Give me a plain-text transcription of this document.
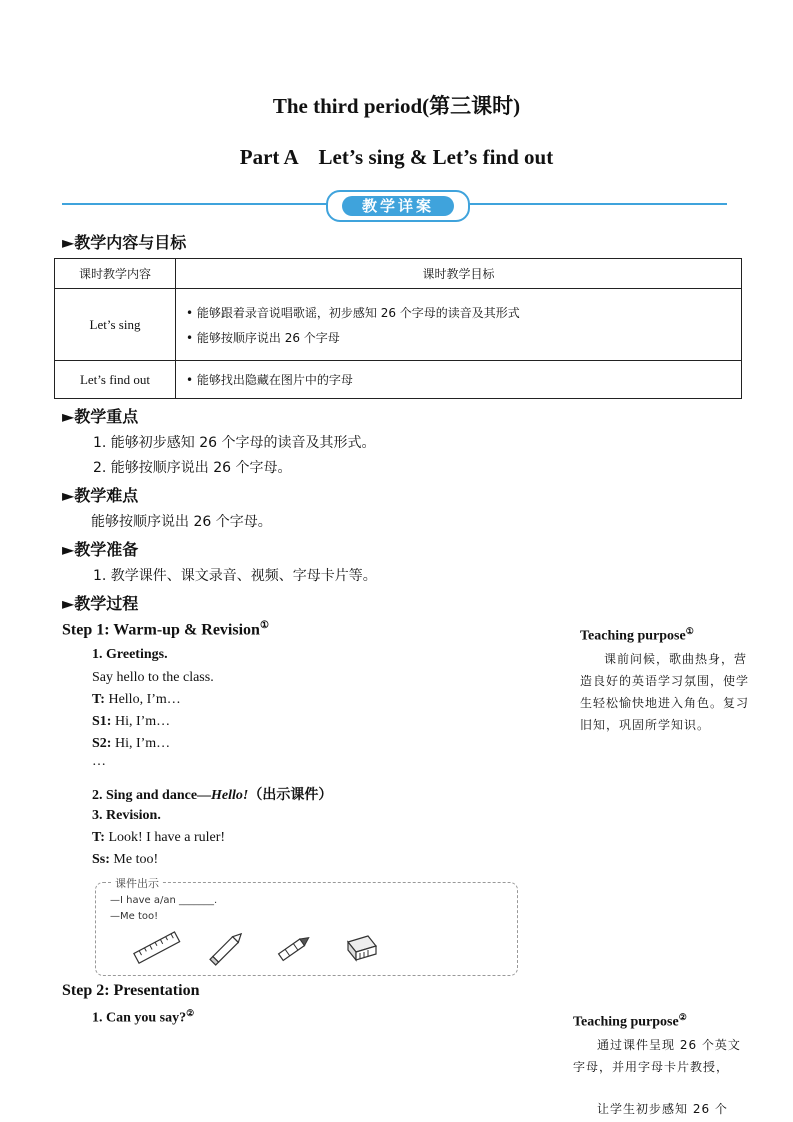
The third period(第三课时)
Part A　Let’s sing & Let’s find out
教学详案
►教学内容与目标
课时教学内容	课时教学目标
Let’s sing	• 能够跟着录音说唱歌谣，初步感知 26 个字母的读音及其形式
• 能够按顺序说出 26 个字母

Let’s find out	• 能够找出隐藏在图片中的字母
►教学重点
1. 能够初步感知 26 个字母的读音及其形式。
2. 能够按顺序说出 26 个字母。
►教学难点
能够按顺序说出 26 个字母。
►教学准备
1. 教学课件、课文录音、视频、字母卡片等。
►教学过程
Step 1: Warm-up & Revision①
1. Greetings.
Say hello to the class.
T: Hello, I’m…
S1: Hi, I’m…
S2: Hi, I’m…
…
2. Sing and dance—Hello!（出示课件）
3. Revision.
T: Look! I have a ruler!
Ss: Me too!
课件出示
—I have a/an _______.
—Me too!
Teaching purpose①
课前问候，歌曲热身，营造良好的英语学习氛围，使学生轻松愉快地进入角色。复习旧知，巩固所学知识。
Step 2: Presentation
1. Can you say?②
Teaching purpose②
通过课件呈现 26 个英文字母，并用字母卡片教授，
让学生初步感知 26 个
